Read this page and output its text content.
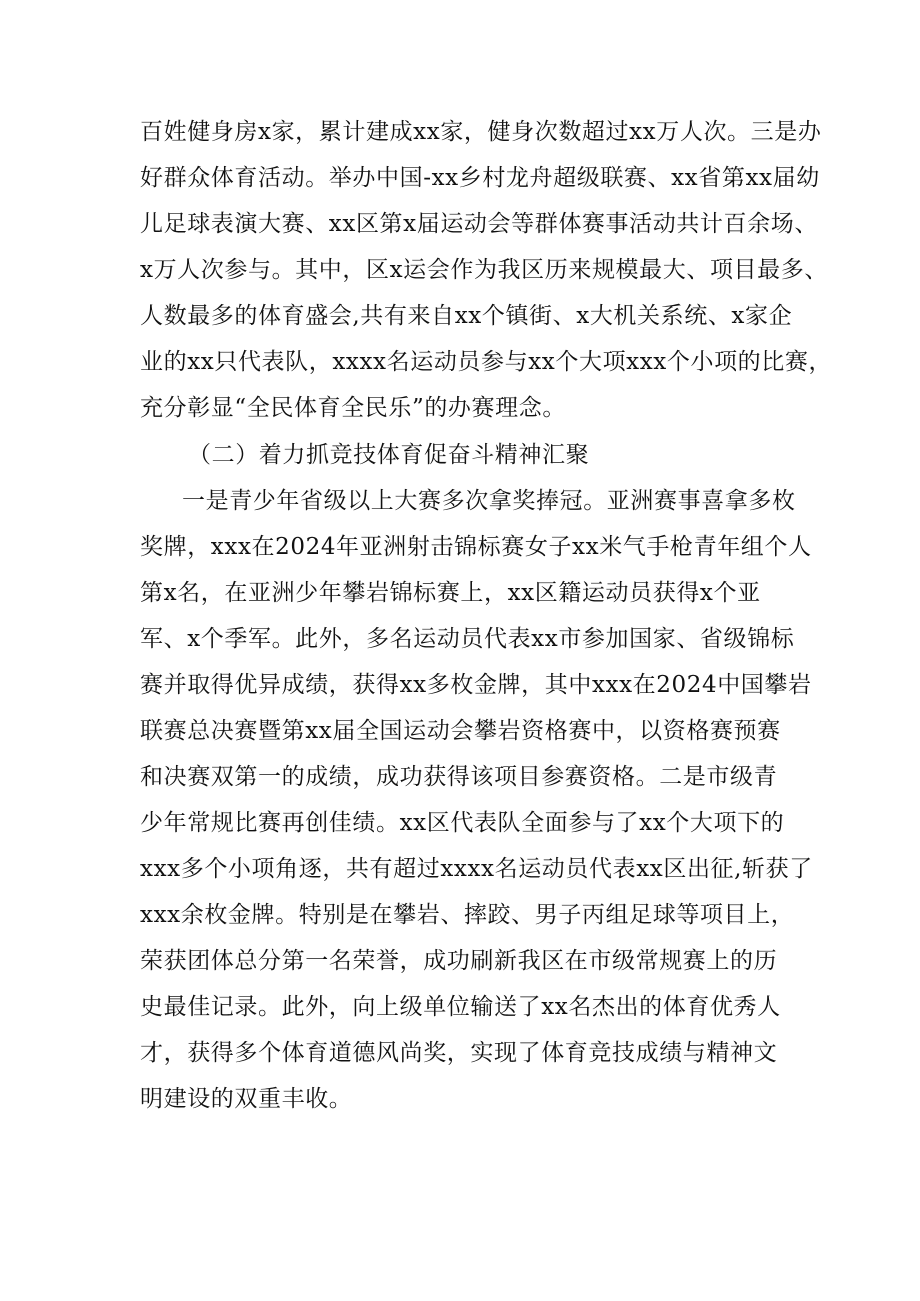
百姓健身房x家，累计建成xx家，健身次数超过xx万人次。三是办
好群众体育活动。举办中国-xx乡村龙舟超级联赛、xx省第xx届幼
儿足球表演大赛、xx区第x届运动会等群体赛事活动共计百余场、
x万人次参与。其中，区x运会作为我区历来规模最大、项目最多、
人数最多的体育盛会,共有来自xx个镇街、x大机关系统、x家企
业的xx只代表队，xxxx名运动员参与xx个大项xxx个小项的比赛，
充分彰显“全民体育全民乐”的办赛理念。
（二）着力抓竞技体育促奋斗精神汇聚
一是青少年省级以上大赛多次拿奖捧冠。亚洲赛事喜拿多枚
奖牌，xxx在2024年亚洲射击锦标赛女子xx米气手枪青年组个人
第x名，在亚洲少年攀岩锦标赛上，xx区籍运动员获得x个亚
军、x个季军。此外，多名运动员代表xx市参加国家、省级锦标
赛并取得优异成绩，获得xx多枚金牌，其中xxx在2024中国攀岩
联赛总决赛暨第xx届全国运动会攀岩资格赛中，以资格赛预赛
和决赛双第一的成绩，成功获得该项目参赛资格。二是市级青
少年常规比赛再创佳绩。xx区代表队全面参与了xx个大项下的
xxx多个小项角逐，共有超过xxxx名运动员代表xx区出征,斩获了
xxx余枚金牌。特别是在攀岩、摔跤、男子丙组足球等项目上，
荣获团体总分第一名荣誉，成功刷新我区在市级常规赛上的历
史最佳记录。此外，向上级单位输送了xx名杰出的体育优秀人
才，获得多个体育道德风尚奖，实现了体育竞技成绩与精神文
明建设的双重丰收。
